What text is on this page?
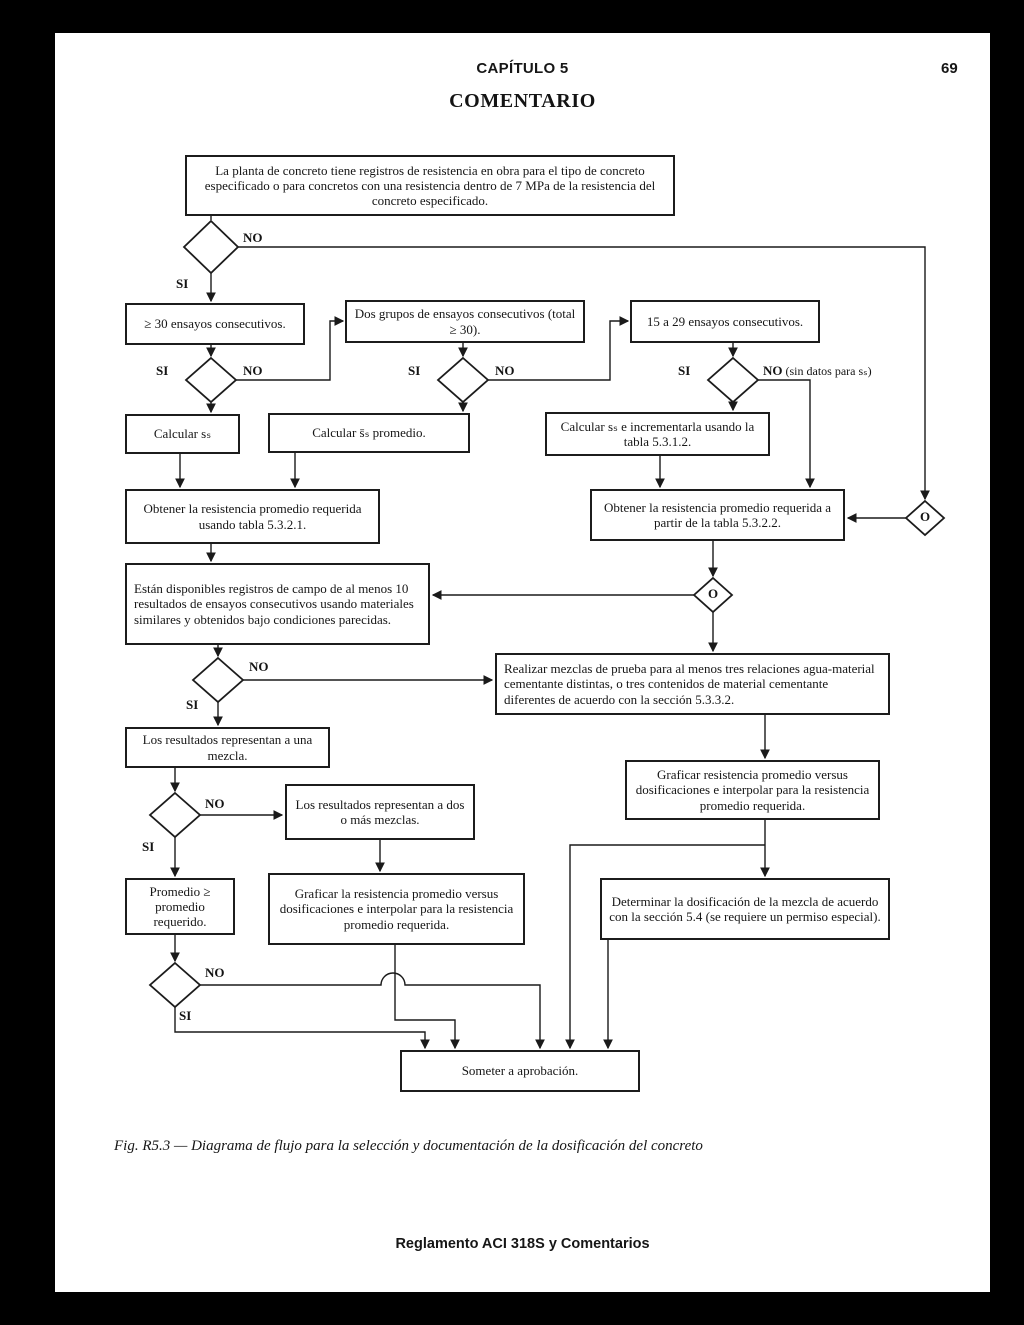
CAPÍTULO 5	69
COMENTARIO
La planta de concreto tiene registros de resistencia en obra para el tipo de concreto especificado o para concretos con una resistencia dentro de 7 MPa de la resistencia del concreto especificado.
≥ 30 ensayos consecutivos.
Dos grupos de ensayos consecutivos (total ≥ 30).
15 a 29 ensayos consecutivos.
Calcular sₛ	Calcular s̄ₛ promedio.	Calcular sₛ e incrementarla usando la tabla 5.3.1.2.
Obtener la resistencia promedio requerida usando tabla 5.3.2.1.
Obtener la resistencia promedio requerida a partir de la tabla 5.3.2.2.
Están disponibles registros de campo de al menos 10 resultados de ensayos consecutivos usando materiales similares y obtenidos bajo condiciones parecidas.
Realizar mezclas de prueba para al menos tres relaciones agua-material cementante distintas, o tres contenidos de material cementante diferentes de acuerdo con la sección 5.3.3.2.
Los resultados representan a una mezcla.
Los resultados representan a dos o más mezclas.
Graficar resistencia promedio versus dosificaciones e interpolar para la resistencia promedio requerida.
Promedio ≥ promedio requerido.
Graficar la resistencia promedio versus dosificaciones e interpolar para la resistencia promedio requerida.
Determinar la dosificación de la mezcla de acuerdo con la sección 5.4 (se requiere un permiso especial).
Someter a aprobación.
NO
SI
SI	NO	SI	NO	SI	NO (sin datos para sₛ)
NO
SI
NO
SI
NO
SI
O
O
Fig. R5.3 — Diagrama de flujo para la selección y documentación de la dosificación del concreto
Reglamento ACI 318S y Comentarios
